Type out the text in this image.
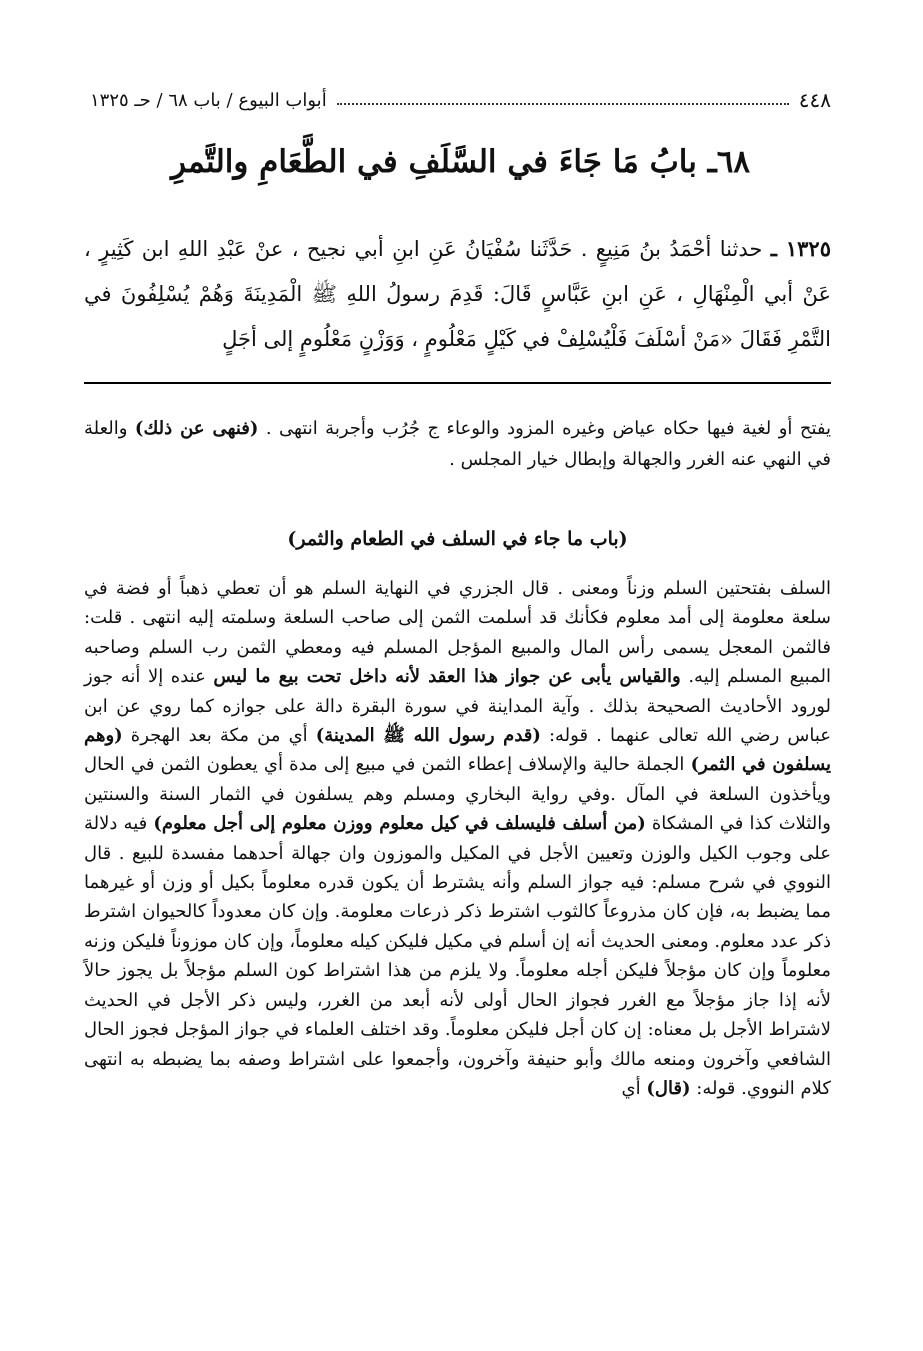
٤٤٨
أبواب البيوع / باب ٦٨ / حـ ١٣٢٥
٦٨ـ بابُ مَا جَاءَ في السَّلَفِ في الطَّعَامِ والتَّمرِ
١٣٢٥ ـ حدثنا أحْمَدُ بنُ مَنِيعٍ . حَدَّثَنا سُفْيَانُ عَنِ ابنِ أبي نجيح ، عنْ عَبْدِ اللهِ ابن كَثِيرٍ ، عَنْ أبي الْمِنْهَالِ ، عَنِ ابنِ عَبَّاسٍ قَالَ: قَدِمَ رسولُ اللهِ ﷺ الْمَدِينَةَ وَهُمْ يُسْلِفُونَ في التَّمْرِ فَقَالَ «مَنْ أسْلَفَ فَلْيُسْلِفْ في كَيْلٍ مَعْلُومٍ ، وَوَزْنٍ مَعْلُومٍ إلى أجَلٍ
يفتح أو لغية فيها حكاه عياض وغيره المزود والوعاء ج جُرُب وأجربة انتهى . (فنهى عن ذلك) والعلة في النهي عنه الغرر والجهالة وإبطال خيار المجلس .
(باب ما جاء في السلف في الطعام والثمر)

السلف بفتحتين السلم وزناً ومعنى . قال الجزري في النهاية السلم هو أن تعطي ذهباً أو فضة في سلعة معلومة إلى أمد معلوم فكأنك قد أسلمت الثمن إلى صاحب السلعة وسلمته إليه انتهى . قلت: فالثمن المعجل يسمى رأس المال والمبيع المؤجل المسلم فيه ومعطي الثمن رب السلم وصاحبه المبيع المسلم إليه. والقياس يأبى عن جواز هذا العقد لأنه داخل تحت بيع ما ليس عنده إلا أنه جوز لورود الأحاديث الصحيحة بذلك . وآية المداينة في سورة البقرة دالة على جوازه كما روي عن ابن عباس رضي الله تعالى عنهما . قوله: (قدم رسول الله ﷺ المدينة) أي من مكة بعد الهجرة (وهم يسلفون في الثمر) الجملة حالية والإسلاف إعطاء الثمن في مبيع إلى مدة أي يعطون الثمن في الحال ويأخذون السلعة في المآل .وفي رواية البخاري ومسلم وهم يسلفون في الثمار السنة والسنتين والثلاث كذا في المشكاة (من أسلف فليسلف في كيل معلوم ووزن معلوم إلى أجل معلوم) فيه دلالة على وجوب الكيل والوزن وتعيين الأجل في المكيل والموزون وان جهالة أحدهما مفسدة للبيع . قال النووي في شرح مسلم: فيه جواز السلم وأنه يشترط أن يكون قدره معلوماً بكيل أو وزن أو غيرهما مما يضبط به، فإن كان مذروعاً كالثوب اشترط ذكر ذرعات معلومة. وإن كان معدوداً كالحيوان اشترط ذكر عدد معلوم. ومعنى الحديث أنه إن أسلم في مكيل فليكن كيله معلوماً، وإن كان موزوناً فليكن وزنه معلوماً وإن كان مؤجلاً فليكن أجله معلوماً. ولا يلزم من هذا اشتراط كون السلم مؤجلاً بل يجوز حالاً لأنه إذا جاز مؤجلاً مع الغرر فجواز الحال أولى لأنه أبعد من الغرر، وليس ذكر الأجل في الحديث لاشتراط الأجل بل معناه: إن كان أجل فليكن معلوماً. وقد اختلف العلماء في جواز المؤجل فجوز الحال الشافعي وآخرون ومنعه مالك وأبو حنيفة وآخرون، وأجمعوا على اشتراط وصفه بما يضبطه به انتهى كلام النووي. قوله: (قال) أي
